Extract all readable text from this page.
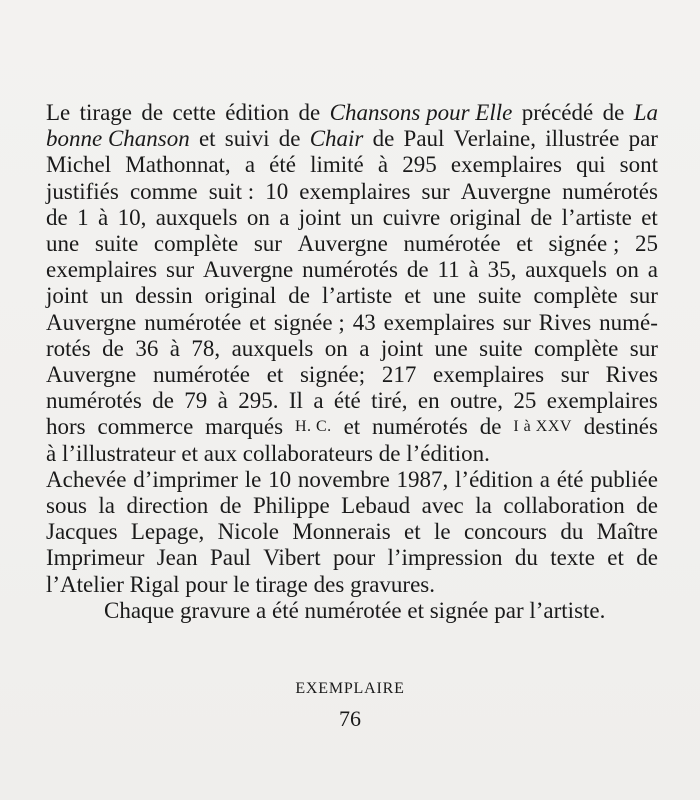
Le tirage de cette édition de Chansons pour Elle précédé de La
bonne Chanson et suivi de Chair de Paul Verlaine, illustrée par
Michel Mathonnat, a été limité à 295 exemplaires qui sont
justifiés comme suit : 10 exemplaires sur Auvergne numérotés
de 1 à 10, auxquels on a joint un cuivre original de l’artiste et
une suite complète sur Auvergne numérotée et signée ; 25
exemplaires sur Auvergne numérotés de 11 à 35, auxquels on a
joint un dessin original de l’artiste et une suite complète sur
Auvergne numérotée et signée ; 43 exemplaires sur Rives numé-
rotés de 36 à 78, auxquels on a joint une suite complète sur
Auvergne numérotée et signée; 217 exemplaires sur Rives
numérotés de 79 à 295. Il a été tiré, en outre, 25 exemplaires
hors commerce marqués H. C. et numérotés de I à XXV destinés
à l’illustrateur et aux collaborateurs de l’édition.
Achevée d’imprimer le 10 novembre 1987, l’édition a été publiée
sous la direction de Philippe Lebaud avec la collaboration de
Jacques Lepage, Nicole Monnerais et le concours du Maître
Imprimeur Jean Paul Vibert pour l’impression du texte et de
l’Atelier Rigal pour le tirage des gravures.
Chaque gravure a été numérotée et signée par l’artiste.
EXEMPLAIRE
76
